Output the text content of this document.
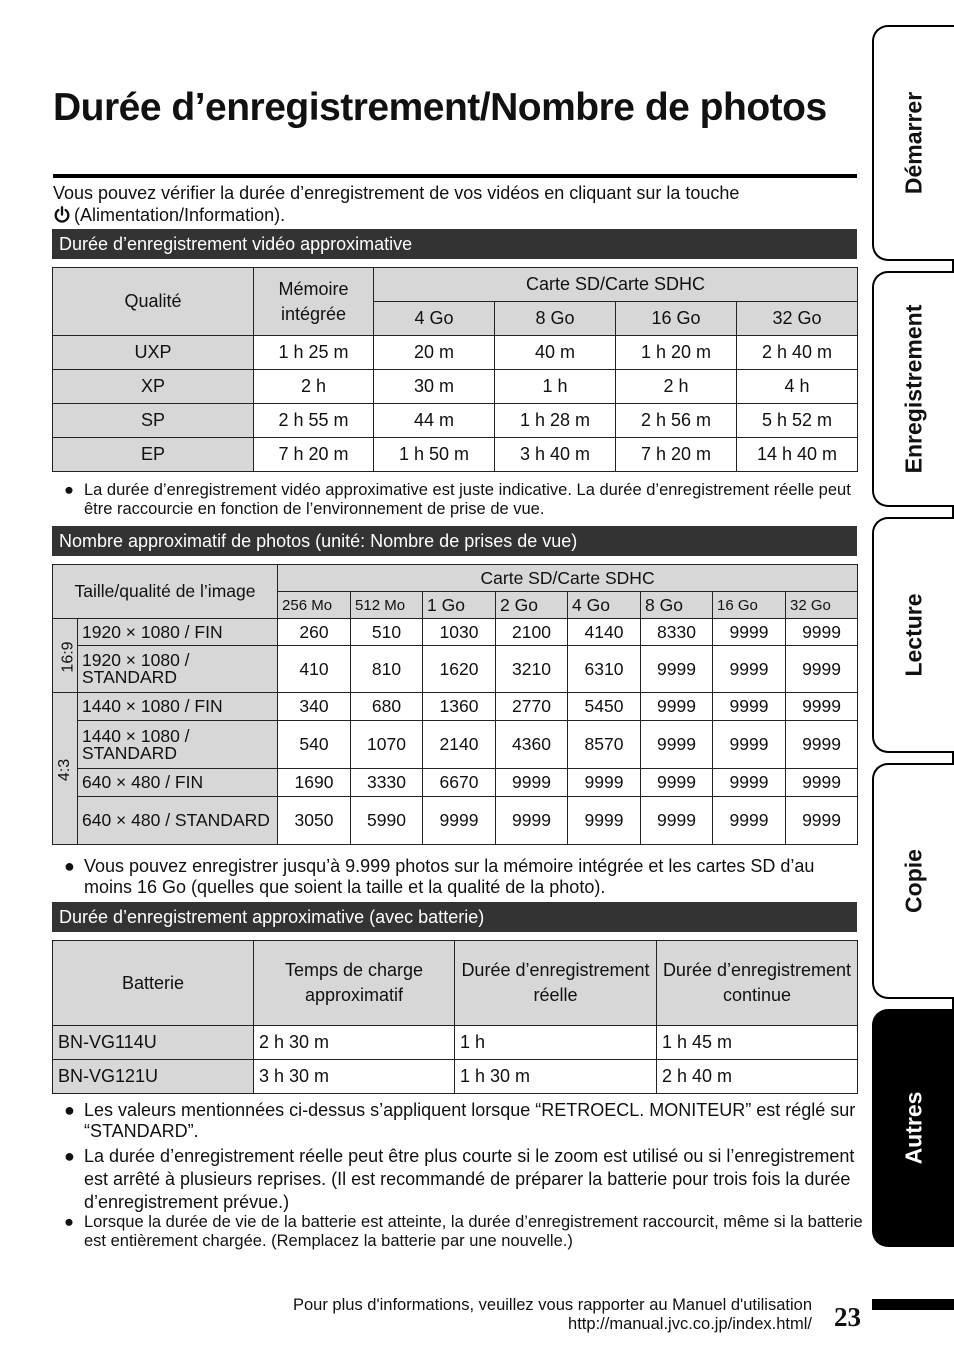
Durée d’enregistrement/Nombre de photos

Vous pouvez vérifier la durée d’enregistrement de vos vidéos en cliquant sur la touche
(Alimentation/Information).

Durée d’enregistrement vidéo approximative
Qualité	Mémoire intégrée	Carte SD/Carte SDHC			
		4 Go	8 Go	16 Go	32 Go
UXP	1 h 25 m	20 m	40 m	1 h 20 m	2 h 40 m
XP	2 h	30 m	1 h	2 h	4 h
SP	2 h 55 m	44 m	1 h 28 m	2 h 56 m	5 h 52 m
EP	7 h 20 m	1 h 50 m	3 h 40 m	7 h 20 m	14 h 40 m
● La durée d’enregistrement vidéo approximative est juste indicative. La durée d’enregistrement réelle peut être raccourcie en fonction de l’environnement de prise de vue.
Nombre approximatif de photos (unité: Nombre de prises de vue)
Taille/qualité de l’image		Carte SD/Carte SDHC							
		256 Mo	512 Mo	1 Go	2 Go	4 Go	8 Go	16 Go	32 Go
16:9	1920 × 1080 / FIN	260	510	1030	2100	4140	8330	9999	9999
	1920 × 1080 / STANDARD	410	810	1620	3210	6310	9999	9999	9999
4:3	1440 × 1080 / FIN	340	680	1360	2770	5450	9999	9999	9999
	1440 × 1080 / STANDARD	540	1070	2140	4360	8570	9999	9999	9999
	640 × 480 / FIN	1690	3330	6670	9999	9999	9999	9999	9999
	640 × 480 / STANDARD	3050	5990	9999	9999	9999	9999	9999	9999
● Vous pouvez enregistrer jusqu’à 9.999 photos sur la mémoire intégrée et les cartes SD d’au moins 16 Go (quelles que soient la taille et la qualité de la photo).
Durée d’enregistrement approximative (avec batterie)
Batterie	Temps de charge approximatif	Durée d’enregistrement réelle	Durée d’enregistrement continue
BN-VG114U	2 h 30 m	1 h	1 h 45 m
BN-VG121U	3 h 30 m	1 h 30 m	2 h 40 m
● Les valeurs mentionnées ci-dessus s’appliquent lorsque “RETROECL. MONITEUR” est réglé sur “STANDARD”.
● La durée d’enregistrement réelle peut être plus courte si le zoom est utilisé ou si l’enregistrement est arrêté à plusieurs reprises. (Il est recommandé de préparer la batterie pour trois fois la durée d’enregistrement prévue.)
● Lorsque la durée de vie de la batterie est atteinte, la durée d’enregistrement raccourcit, même si la batterie est entièrement chargée. (Remplacez la batterie par une nouvelle.)
Démarrer
Enregistrement
Lecture
Copie
Autres
Pour plus d'informations, veuillez vous rapporter au Manuel d'utilisation
http://manual.jvc.co.jp/index.html/ 23
